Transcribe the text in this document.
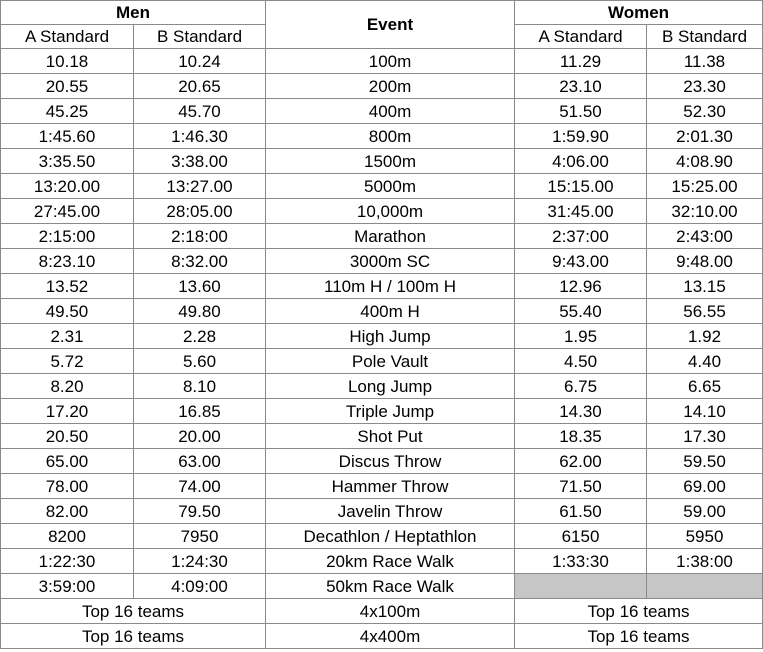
Men		Event	Women	
A Standard	B Standard		A Standard	B Standard
10.18	10.24	100m	11.29	11.38
20.55	20.65	200m	23.10	23.30
45.25	45.70	400m	51.50	52.30
1:45.60	1:46.30	800m	1:59.90	2:01.30
3:35.50	3:38.00	1500m	4:06.00	4:08.90
13:20.00	13:27.00	5000m	15:15.00	15:25.00
27:45.00	28:05.00	10,000m	31:45.00	32:10.00
2:15:00	2:18:00	Marathon	2:37:00	2:43:00
8:23.10	8:32.00	3000m SC	9:43.00	9:48.00
13.52	13.60	110m H / 100m H	12.96	13.15
49.50	49.80	400m H	55.40	56.55
2.31	2.28	High Jump	1.95	1.92
5.72	5.60	Pole Vault	4.50	4.40
8.20	8.10	Long Jump	6.75	6.65
17.20	16.85	Triple Jump	14.30	14.10
20.50	20.00	Shot Put	18.35	17.30
65.00	63.00	Discus Throw	62.00	59.50
78.00	74.00	Hammer Throw	71.50	69.00
82.00	79.50	Javelin Throw	61.50	59.00
8200	7950	Decathlon / Heptathlon	6150	5950
1:22:30	1:24:30	20km Race Walk	1:33:30	1:38:00
3:59:00	4:09:00	50km Race Walk		
Top 16 teams		4x100m	Top 16 teams	
Top 16 teams		4x400m	Top 16 teams	
